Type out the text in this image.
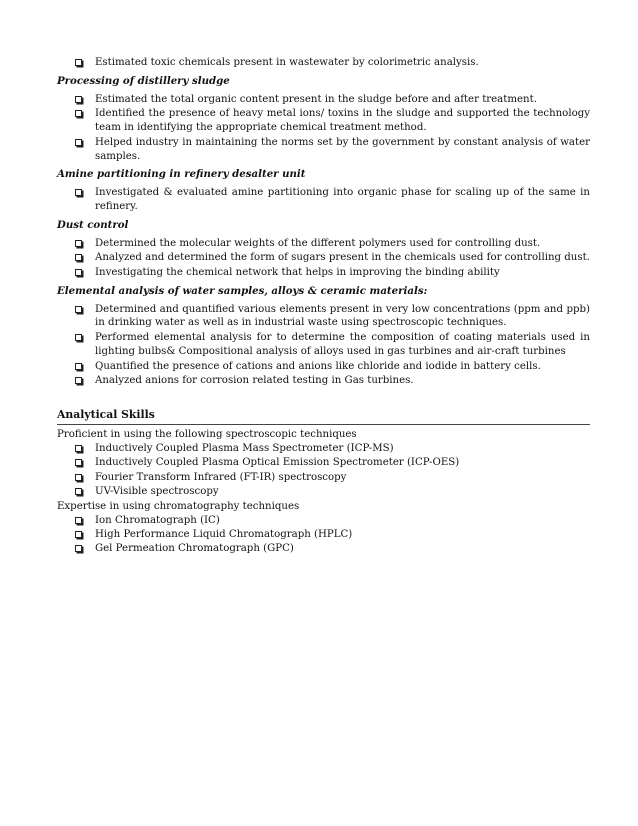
Estimated toxic chemicals present in wastewater by colorimetric analysis.
Processing of distillery sludge
Estimated the total organic content present in the sludge before and after treatment.
Identified the presence of heavy metal ions/ toxins in the sludge and supported the technology team in identifying the appropriate chemical treatment method.
Helped industry in maintaining the norms set by the government by constant analysis of water samples.
Amine partitioning in refinery desalter unit
Investigated & evaluated amine partitioning into organic phase for scaling up of the same in refinery.
Dust control
Determined the molecular weights of the different polymers used for controlling dust.
Analyzed and determined the form of sugars present in the chemicals used for controlling dust.
Investigating the chemical network that helps in improving the binding ability
Elemental analysis of water samples, alloys & ceramic materials:
Determined and quantified various elements present in very low concentrations (ppm and ppb) in drinking water as well as in industrial waste using spectroscopic techniques.
Performed elemental analysis for to determine the composition of coating materials used in lighting bulbs& Compositional analysis of alloys used in gas turbines and air-craft turbines
Quantified the presence of cations and anions like chloride and iodide in battery cells.
Analyzed anions for corrosion related testing in Gas turbines.
Analytical Skills
Proficient in using the following spectroscopic techniques
Inductively Coupled Plasma Mass Spectrometer (ICP-MS)
Inductively Coupled Plasma Optical Emission Spectrometer (ICP-OES)
Fourier Transform Infrared (FT-IR) spectroscopy
UV-Visible spectroscopy
Expertise in using chromatography techniques
Ion Chromatograph (IC)
High Performance Liquid Chromatograph (HPLC)
Gel Permeation Chromatograph (GPC)
